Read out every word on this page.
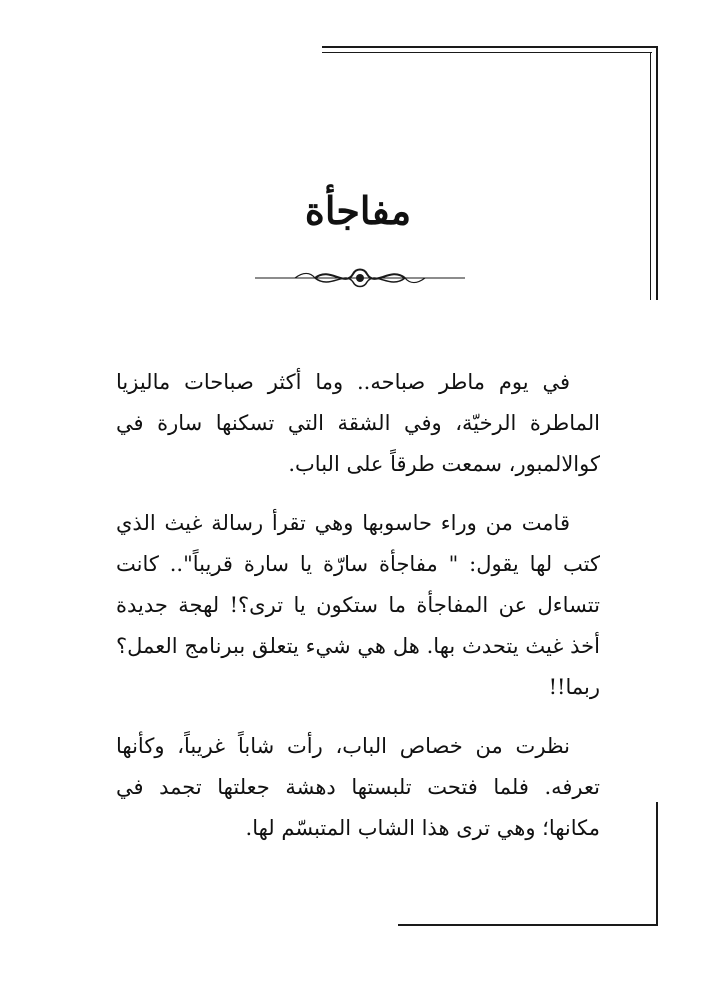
مفاجأة

في يوم ماطر صباحه.. وما أكثر صباحات ماليزيا الماطرة الرخيّة، وفي الشقة التي تسكنها سارة في كوالالمبور، سمعت طرقاً على الباب.

قامت من وراء حاسوبها وهي تقرأ رسالة غيث الذي كتب لها يقول: " مفاجأة سارّة يا سارة قريباً".. كانت تتساءل عن المفاجأة ما ستكون يا ترى؟! لهجة جديدة أخذ غيث يتحدث بها. هل هي شيء يتعلق ببرنامج العمل؟ ربما!!

نظرت من خصاص الباب، رأت شاباً غريباً، وكأنها تعرفه. فلما فتحت تلبستها دهشة جعلتها تجمد في مكانها؛ وهي ترى هذا الشاب المتبسّم لها.
